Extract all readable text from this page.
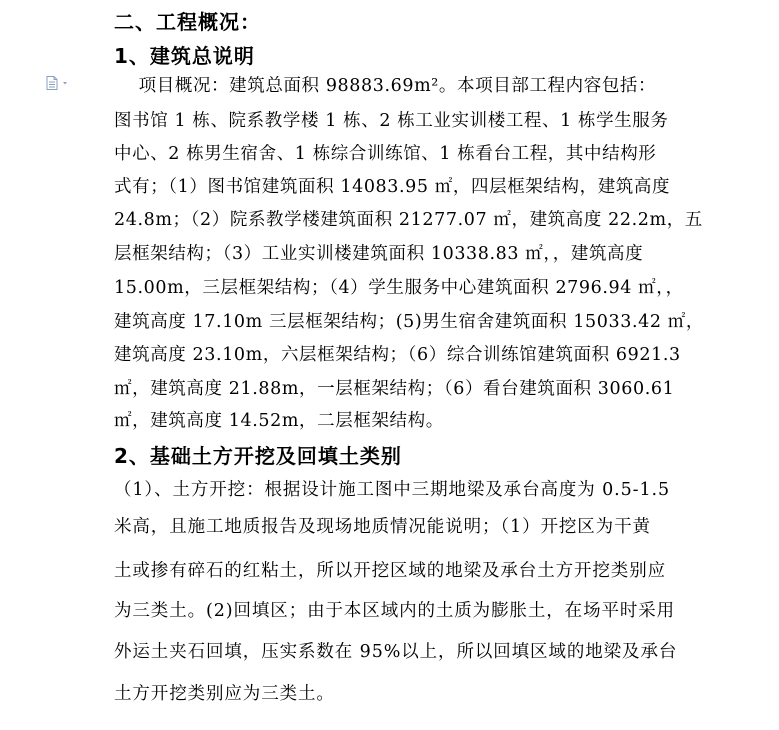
二、工程概况：
1、建筑总说明
项目概况：建筑总面积 98883.69m²。本项目部工程内容包括：
图书馆 1 栋、院系教学楼 1 栋、2 栋工业实训楼工程、1 栋学生服务
中心、2 栋男生宿舍、1 栋综合训练馆、1 栋看台工程，其中结构形
式有；（1）图书馆建筑面积 14083.95 ㎡，四层框架结构，建筑高度
24.8m；（2）院系教学楼建筑面积 21277.07 ㎡，建筑高度 22.2m，五
层框架结构；（3）工业实训楼建筑面积 10338.83 ㎡，，建筑高度
15.00m，三层框架结构；（4）学生服务中心建筑面积 2796.94 ㎡，，
建筑高度 17.10m 三层框架结构；(5)男生宿舍建筑面积 15033.42 ㎡，
建筑高度 23.10m，六层框架结构；（6）综合训练馆建筑面积 6921.3
㎡，建筑高度 21.88m，一层框架结构；（6）看台建筑面积 3060.61
㎡，建筑高度 14.52m，二层框架结构。
2、基础土方开挖及回填土类别
（1）、土方开挖：根据设计施工图中三期地梁及承台高度为 0.5-1.5
米高，且施工地质报告及现场地质情况能说明；（1）开挖区为干黄
土或掺有碎石的红粘土，所以开挖区域的地梁及承台土方开挖类别应
为三类土。(2)回填区；由于本区域内的土质为膨胀土，在场平时采用
外运土夹石回填，压实系数在 95%以上，所以回填区域的地梁及承台
土方开挖类别应为三类土。
